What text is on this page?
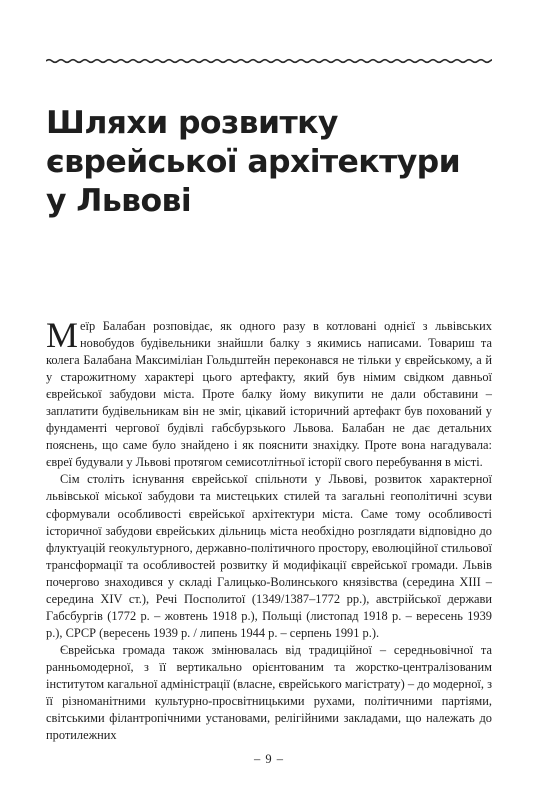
Шляхи розвитку
єврейської архітектури
у Львові

Меїр Балабан розповідає, як одного разу в котловані однієї з львівських новобудов будівельники знайшли балку з якимись написами. Товариш та колега Балабана Максиміліан Гольдштейн переконався не тільки у єврейському, а й у старожитному характері цього артефакту, який був німим свідком давньої єврейської забудови міста. Проте балку йому викупити не дали обставини – заплатити будівельникам він не зміг, цікавий історичний артефакт був похований у фундаменті чергової будівлі габсбурзького Львова. Балабан не дає детальних пояснень, що саме було знайдено і як пояснити знахідку. Проте вона нагадувала: євреї будували у Львові протягом семисотлітньої історії свого перебування в місті.

Сім століть існування єврейської спільноти у Львові, розвиток характерної львівської міської забудови та мистецьких стилей та загальні геополітичні зсуви сформували особливості єврейської архітектури міста. Саме тому особливості історичної забудови єврейських дільниць міста необхідно розглядати відповідно до флуктуацій геокультурного, державно-політичного простору, еволюційної стильової трансформації та особливостей розвитку й модифікації єврейської громади. Львів почергово знаходився у складі Галицько-Волинського князівства (середина XIII – середина XIV ст.), Речі Посполитої (1349/1387–1772 рр.), австрійської держави Габсбургів (1772 р. – жовтень 1918 р.), Польщі (листопад 1918 р. – вересень 1939 р.), СРСР (вересень 1939 р. / липень 1944 р. – серпень 1991 р.).

Єврейська громада також змінювалась від традиційної – середньовічної та ранньомодерної, з її вертикально орієнтованим та жорстко-централізованим інститутом кагальної адміністрації (власне, єврейського магістрату) – до модерної, з її різноманітними культурно-просвітницькими рухами, політичними партіями, світськими філантропічними установами, релігійними закладами, що належать до протилежних

– 9 –
